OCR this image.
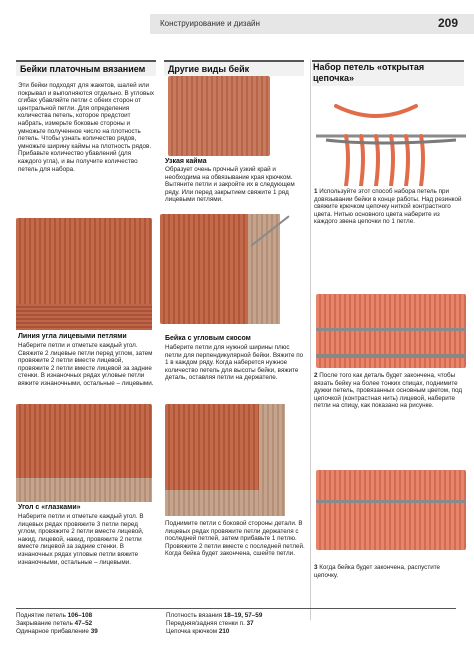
Конструирование и дизайн	209
Бейки платочным вязанием
Эти бейки подходят для жакетов, шалей или покрывал и выполняются отдельно. В угловых сгибах убавляйте петли с обеих сторон от центральной петли. Для определения количества петель, которое предстоит набрать, измерьте боковые стороны и умножьте полученное число на плотность петель. Чтобы узнать количество рядов, умножьте ширину каймы на плотность рядов. Прибавьте количество убавлений (для каждого угла), и вы получите количество петель для набора.
Линия угла лицевыми петлями
Наберите петли и отметьте каждый угол. Свяжите 2 лицевые петли перед углом, затем провяжите 2 петли вместе лицевой, провяжите 2 петли вместе лицевой за задние стенки. В изнаночных рядах угловые петли вяжите изнаночными, остальные – лицевыми.
Угол с «глазками»
Наберите петли и отметьте каждый угол. В лицевых рядах провяжите 3 петли перед углом, провяжите 2 петли вместе лицевой, накид, лицевой, накид, провяжите 2 петли вместе лицевой за задние стенки. В изнаночных рядах угловые петли вяжите изнаночными, остальные – лицевыми.
Другие виды бейк
Узкая кайма
Образует очень прочный узкий край и необходима на обвязывание края крючком. Вытяните петли и закройте их в следующем ряду. Или перед закрытием свяжите 1 ряд лицевыми петлями.
Бейка с угловым скосом
Наберите петли для нужной ширины плюс петли для перпендикулярной бейки. Вяжите по 1 в каждом ряду. Когда наберется нужное количество петель для высоты бейки, вяжите деталь, оставляя петли на держателе.
Поднимите петли с боковой стороны детали. В лицевых рядах провяжите петли держателя с последней петлей, затем прибавьте 1 петлю. Провяжите 2 петли вместе с последней петлей. Когда бейка будет закончена, сшейте петли.
Набор петель «открытая цепочка»
1 Используйте этот способ набора петель при довязывании бейки в конце работы. Над резинкой свяжите крючком цепочку ниткой контрастного цвета. Нитью основного цвета наберите из каждого звена цепочки по 1 петле.
2 После того как деталь будет закончена, чтобы вязать бейку на более тонких спицах, поднимите дужки петель, провязанных основным цветом, под цепочкой (контрастная нить) лицевой, наберите петли на спицу, как показано на рисунке.
3 Когда бейка будет закончена, распустите цепочку.
Поднятие петель 106–108
Закрывание петель 47–52
Одинарное прибавление 39
Плотность вязания 18–19, 57–59
Передняя/задняя стенки п. 37
Цепочка крючком 210
